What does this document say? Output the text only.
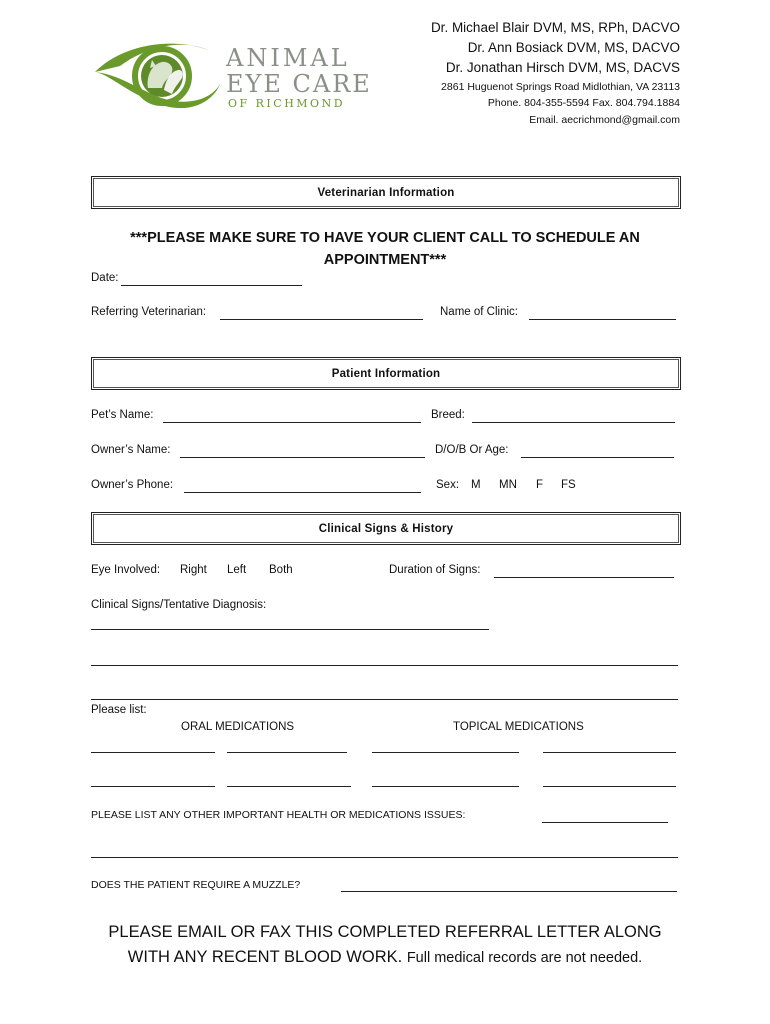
ANIMAL
EYE CARE
OF RICHMOND
Dr. Michael Blair DVM, MS, RPh, DACVO
Dr. Ann Bosiack DVM, MS, DACVO
Dr. Jonathan Hirsch DVM, MS, DACVS
2861 Huguenot Springs Road Midlothian, VA 23113
Phone. 804-355-5594 Fax. 804.794.1884
Email. aecrichmond@gmail.com
Veterinarian Information
***PLEASE MAKE SURE TO HAVE YOUR CLIENT CALL TO SCHEDULE AN
APPOINTMENT***
Date:
Referring Veterinarian:	Name of Clinic:
Patient Information
Pet’s Name:	Breed:
Owner’s Name:	D/O/B Or Age:
Owner’s Phone:	Sex: M MN F FS
Clinical Signs & History
Eye Involved: Right Left Both	Duration of Signs:
Clinical Signs/Tentative Diagnosis:
Please list:
ORAL MEDICATIONS	TOPICAL MEDICATIONS
PLEASE LIST ANY OTHER IMPORTANT HEALTH OR MEDICATIONS ISSUES:
DOES THE PATIENT REQUIRE A MUZZLE?
PLEASE EMAIL OR FAX THIS COMPLETED REFERRAL LETTER ALONG
WITH ANY RECENT BLOOD WORK. Full medical records are not needed.
